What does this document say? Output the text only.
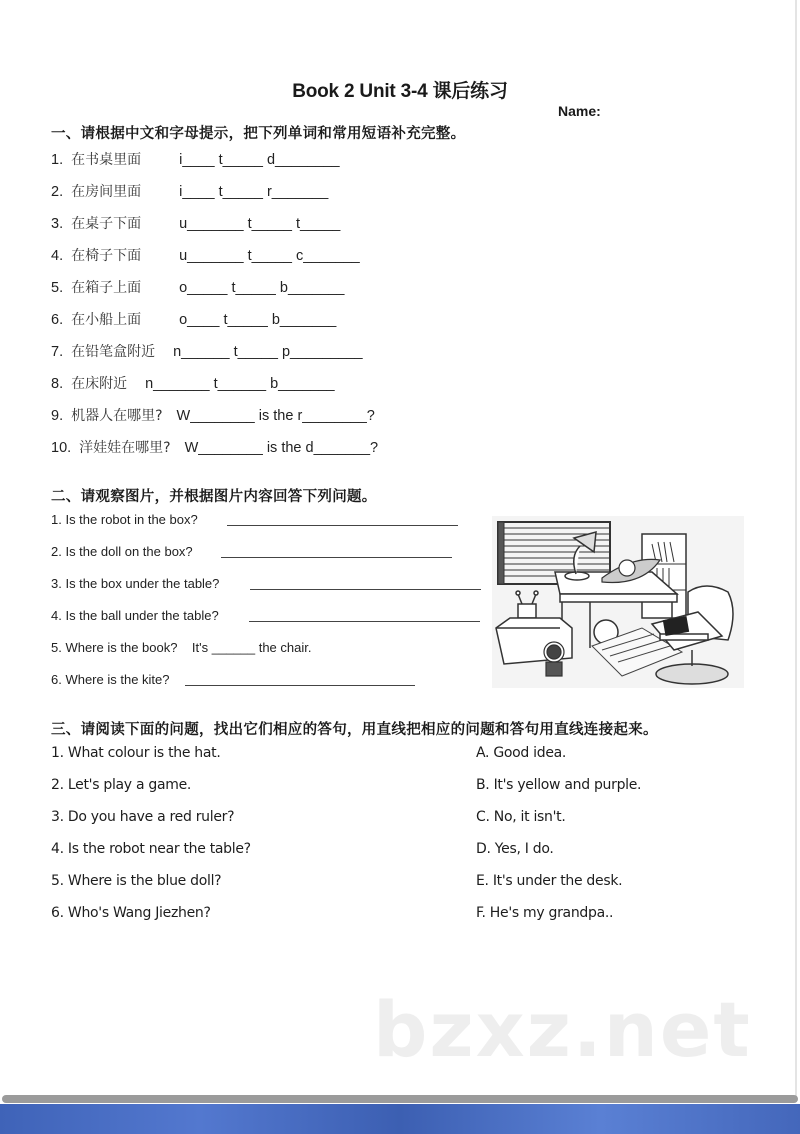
Book 2 Unit 3-4 课后练习
Name:
一、请根据中文和字母提示，把下列单词和常用短语补充完整。
1. 在书桌里面	i____ t_____ d________
2. 在房间里面	i____ t_____ r_______
3. 在桌子下面	u_______ t_____ t_____
4. 在椅子下面	u_______ t_____ c_______
5. 在箱子上面	o_____ t_____ b_______
6. 在小船上面	o____ t_____ b_______
7. 在铅笔盒附近 n______ t_____ p_________
8. 在床附近 n_______ t______ b_______
9. 机器人在哪里? W________ is the r________?
10. 洋娃娃在哪里? W________ is the d_______?
二、请观察图片，并根据图片内容回答下列问题。
1. Is the robot in the box?
2. Is the doll on the box?
3. Is the box under the table?
4. Is the ball under the table?
5. Where is the book?    It's ______ the chair.
6. Where is the kite?
三、请阅读下面的问题，找出它们相应的答句，用直线把相应的问题和答句用直线连接起来。
1. What colour is the hat.
2. Let's play a game.
3. Do you have a red ruler?
4. Is the robot near the table?
5. Where is the blue doll?
6. Who's Wang Jiezhen?
A. Good idea.
B. It's yellow and purple.
C. No, it isn't.
D. Yes, I do.
E. It's under the desk.
F. He's my grandpa..
bzxz.net
